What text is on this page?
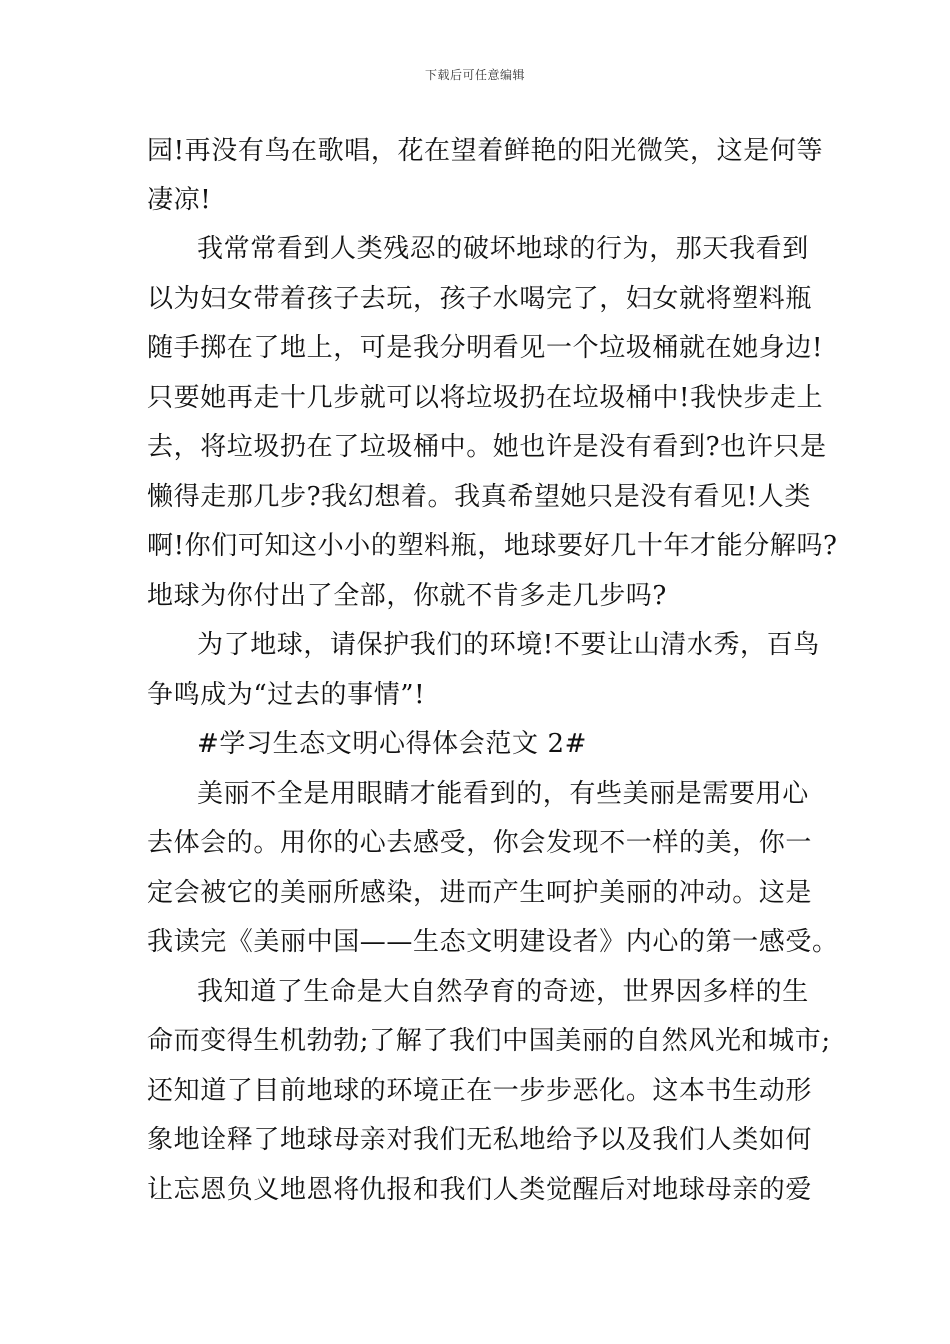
下载后可任意编辑
园!再没有鸟在歌唱，花在望着鲜艳的阳光微笑，这是何等
凄凉!
我常常看到人类残忍的破坏地球的行为，那天我看到
以为妇女带着孩子去玩，孩子水喝完了，妇女就将塑料瓶
随手掷在了地上，可是我分明看见一个垃圾桶就在她身边!
只要她再走十几步就可以将垃圾扔在垃圾桶中!我快步走上
去，将垃圾扔在了垃圾桶中。她也许是没有看到?也许只是
懒得走那几步?我幻想着。我真希望她只是没有看见!人类
啊!你们可知这小小的塑料瓶，地球要好几十年才能分解吗?
地球为你付出了全部，你就不肯多走几步吗?
为了地球，请保护我们的环境!不要让山清水秀，百鸟
争鸣成为“过去的事情”!
#学习生态文明心得体会范文 2#
美丽不全是用眼睛才能看到的，有些美丽是需要用心
去体会的。用你的心去感受，你会发现不一样的美，你一
定会被它的美丽所感染，进而产生呵护美丽的冲动。这是
我读完《美丽中国——生态文明建设者》内心的第一感受。
我知道了生命是大自然孕育的奇迹，世界因多样的生
命而变得生机勃勃;了解了我们中国美丽的自然风光和城市;
还知道了目前地球的环境正在一步步恶化。这本书生动形
象地诠释了地球母亲对我们无私地给予以及我们人类如何
让忘恩负义地恩将仇报和我们人类觉醒后对地球母亲的爱
